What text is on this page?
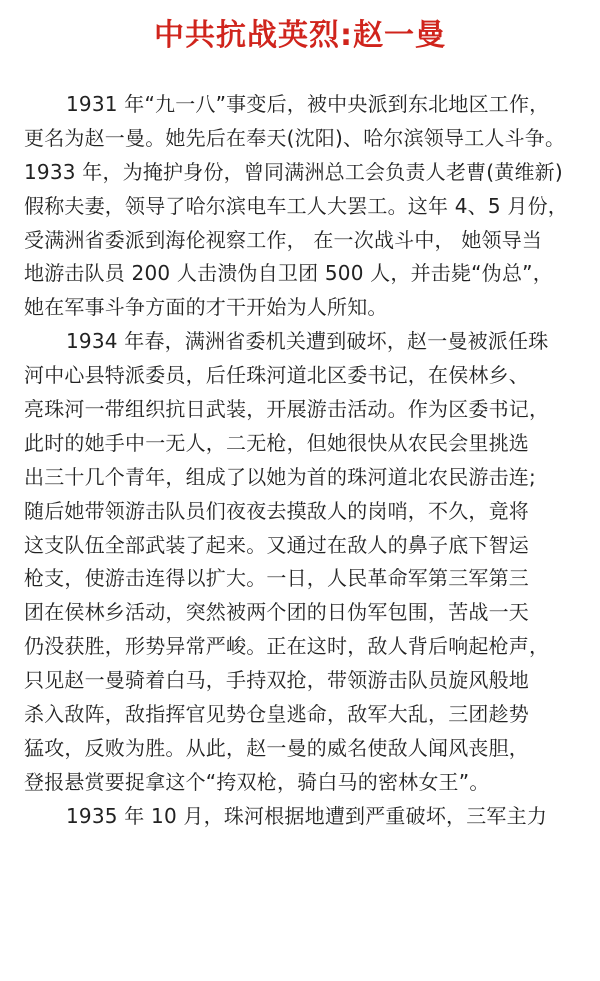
中共抗战英烈:赵一曼
1931 年“九一八”事变后，被中央派到东北地区工作，
更名为赵一曼。她先后在奉天(沈阳)、哈尔滨领导工人斗争。
1933 年，为掩护身份，曾同满洲总工会负责人老曹(黄维新)
假称夫妻，领导了哈尔滨电车工人大罢工。这年 4、5 月份，
受满洲省委派到海伦视察工作， 在一次战斗中， 她领导当
地游击队员 200 人击溃伪自卫团 500 人，并击毙“伪总”，
她在军事斗争方面的才干开始为人所知。
1934 年春，满洲省委机关遭到破坏，赵一曼被派任珠
河中心县特派委员，后任珠河道北区委书记，在侯林乡、
亮珠河一带组织抗日武装，开展游击活动。作为区委书记，
此时的她手中一无人，二无枪，但她很快从农民会里挑选
出三十几个青年，组成了以她为首的珠河道北农民游击连;
随后她带领游击队员们夜夜去摸敌人的岗哨，不久，竟将
这支队伍全部武装了起来。又通过在敌人的鼻子底下智运
枪支，使游击连得以扩大。一日，人民革命军第三军第三
团在侯林乡活动，突然被两个团的日伪军包围，苦战一天
仍没获胜，形势异常严峻。正在这时，敌人背后响起枪声，
只见赵一曼骑着白马，手持双抢，带领游击队员旋风般地
杀入敌阵，敌指挥官见势仓皇逃命，敌军大乱，三团趁势
猛攻，反败为胜。从此，赵一曼的威名使敌人闻风丧胆，
登报悬赏要捉拿这个“挎双枪，骑白马的密林女王”。
1935 年 10 月，珠河根据地遭到严重破坏，三军主力
